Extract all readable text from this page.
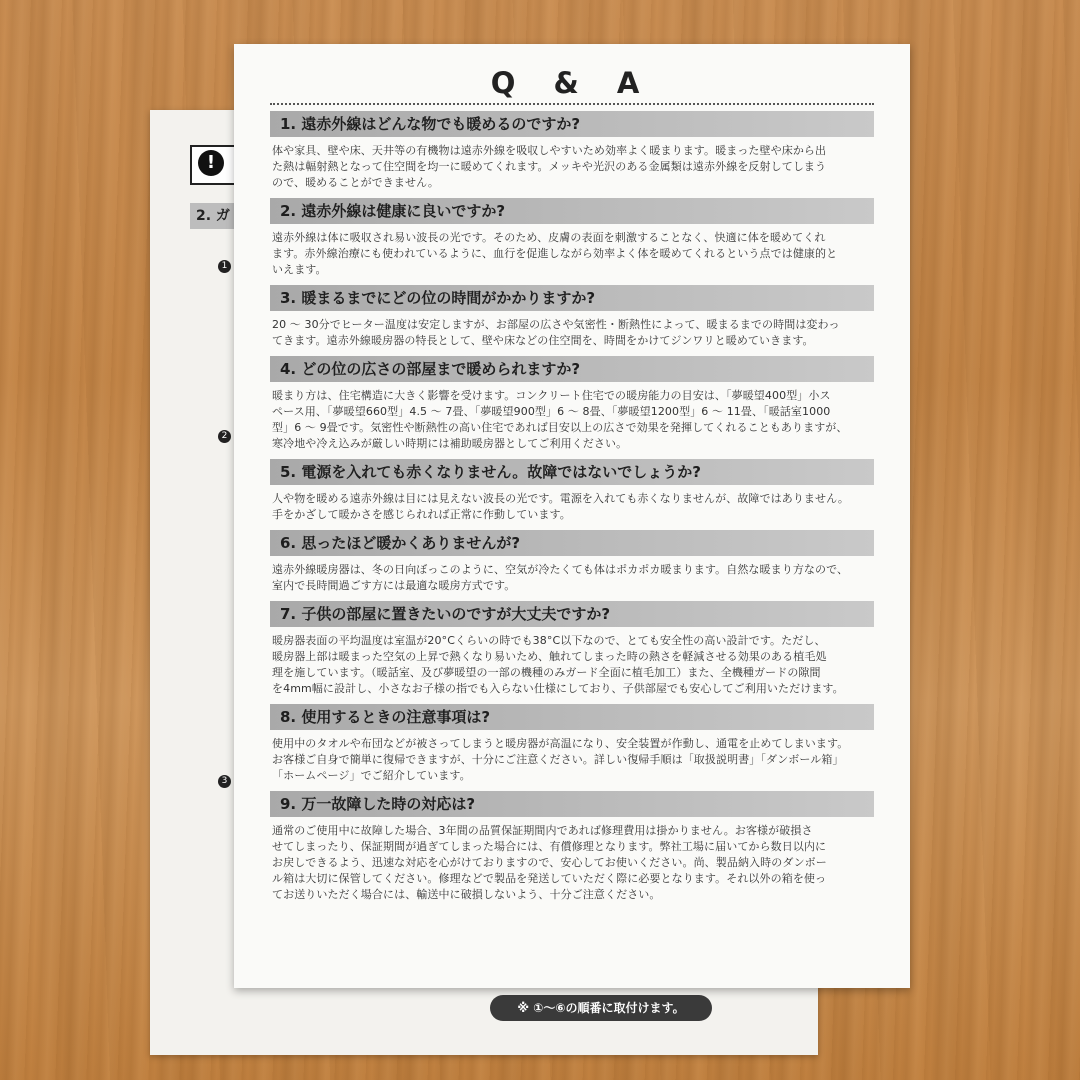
!
2. ガ
1
2
3
※ ①～⑥の順番に取付けます。
Q & A
1. 遠赤外線はどんな物でも暖めるのですか?

体や家具、壁や床、天井等の有機物は遠赤外線を吸収しやすいため効率よく暖まります。暖まった壁や床から出
た熱は輻射熱となって住空間を均一に暖めてくれます。メッキや光沢のある金属類は遠赤外線を反射してしまう
ので、暖めることができません。

2. 遠赤外線は健康に良いですか?

遠赤外線は体に吸収され易い波長の光です。そのため、皮膚の表面を刺激することなく、快適に体を暖めてくれ
ます。赤外線治療にも使われているように、血行を促進しながら効率よく体を暖めてくれるという点では健康的と
いえます。

3. 暖まるまでにどの位の時間がかかりますか?

20 ～ 30分でヒーター温度は安定しますが、お部屋の広さや気密性・断熱性によって、暖まるまでの時間は変わっ
てきます。遠赤外線暖房器の特長として、壁や床などの住空間を、時間をかけてジンワリと暖めていきます。

4. どの位の広さの部屋まで暖められますか?

暖まり方は、住宅構造に大きく影響を受けます。コンクリート住宅での暖房能力の目安は、「夢暖望400型」小ス
ペース用、「夢暖望660型」4.5 ～ 7畳、「夢暖望900型」6 ～ 8畳、「夢暖望1200型」6 ～ 11畳、「暖話室1000
型」6 ～ 9畳です。気密性や断熱性の高い住宅であれば目安以上の広さで効果を発揮してくれることもありますが、
寒冷地や冷え込みが厳しい時期には補助暖房器としてご利用ください。

5. 電源を入れても赤くなりません。故障ではないでしょうか?

人や物を暖める遠赤外線は目には見えない波長の光です。電源を入れても赤くなりませんが、故障ではありません。
手をかざして暖かさを感じられれば正常に作動しています。

6. 思ったほど暖かくありませんが?

遠赤外線暖房器は、冬の日向ぼっこのように、空気が冷たくても体はポカポカ暖まります。自然な暖まり方なので、
室内で長時間過ごす方には最適な暖房方式です。

7. 子供の部屋に置きたいのですが大丈夫ですか?

暖房器表面の平均温度は室温が20°Cくらいの時でも38°C以下なので、とても安全性の高い設計です。ただし、
暖房器上部は暖まった空気の上昇で熱くなり易いため、触れてしまった時の熱さを軽減させる効果のある植毛処
理を施しています。（暖話室、及び夢暖望の一部の機種のみガード全面に植毛加工）また、全機種ガードの隙間
を4mm幅に設計し、小さなお子様の指でも入らない仕様にしており、子供部屋でも安心してご利用いただけます。

8. 使用するときの注意事項は?

使用中のタオルや布団などが被さってしまうと暖房器が高温になり、安全装置が作動し、通電を止めてしまいます。
お客様ご自身で簡単に復帰できますが、十分にご注意ください。詳しい復帰手順は「取扱説明書」「ダンボール箱」
「ホームページ」でご紹介しています。

9. 万一故障した時の対応は?

通常のご使用中に故障した場合、3年間の品質保証期間内であれば修理費用は掛かりません。お客様が破損さ
せてしまったり、保証期間が過ぎてしまった場合には、有償修理となります。弊社工場に届いてから数日以内に
お戻しできるよう、迅速な対応を心がけておりますので、安心してお使いください。尚、製品納入時のダンボー
ル箱は大切に保管してください。修理などで製品を発送していただく際に必要となります。それ以外の箱を使っ
てお送りいただく場合には、輸送中に破損しないよう、十分ご注意ください。
